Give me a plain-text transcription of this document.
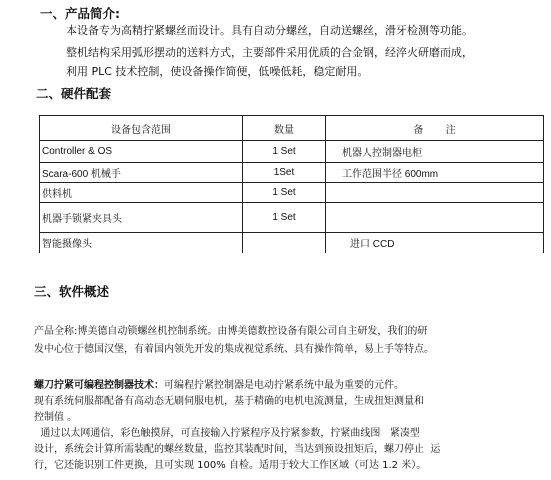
一、产品简介:
本设备专为高精拧紧螺丝而设计。具有自动分螺丝，自动送螺丝，滑牙检测等功能。
整机结构采用弧形摆动的送料方式，主要部件采用优质的合金钢，经淬火研磨而成，
利用 PLC 技术控制，使设备操作简便，低噪低耗，稳定耐用。
二、硬件配套
设备包含范围	数量	备        注
Controller & OS	1 Set	机器人控制器电柜
Scara-600 机械手	1Set	工作范围半径 600mm
供料机	1 Set	
机器手锁紧夹具头	1 Set	
智能摄像头		进口 CCD
三、软件概述
产品全称:博美德自动锁螺丝机控制系统。由博美德数控设备有限公司自主研发，我们的研
发中心位于德国汉堡，有着国内领先开发的集成视觉系统、具有操作简单，易上手等特点。
螺刀拧紧可编程控制器技术：可编程拧紧控制器是电动拧紧系统中最为重要的元件。
现有系统伺服都配备有高动态无刷伺服电机，基于精确的电机电流测量，生成扭矩测量和
控制值 。
通过以太网通信，彩色触摸屏，可直接输入拧紧程序及拧紧参数，拧紧曲线图   紧凑型
设计，系统会计算所需装配的螺丝数量，监控其装配时间，当达到预设扭矩后，螺刀停止  运
行，它还能识别工件更换，且可实现 100% 自检。适用于较大工作区域（可达 1.2 米）。
